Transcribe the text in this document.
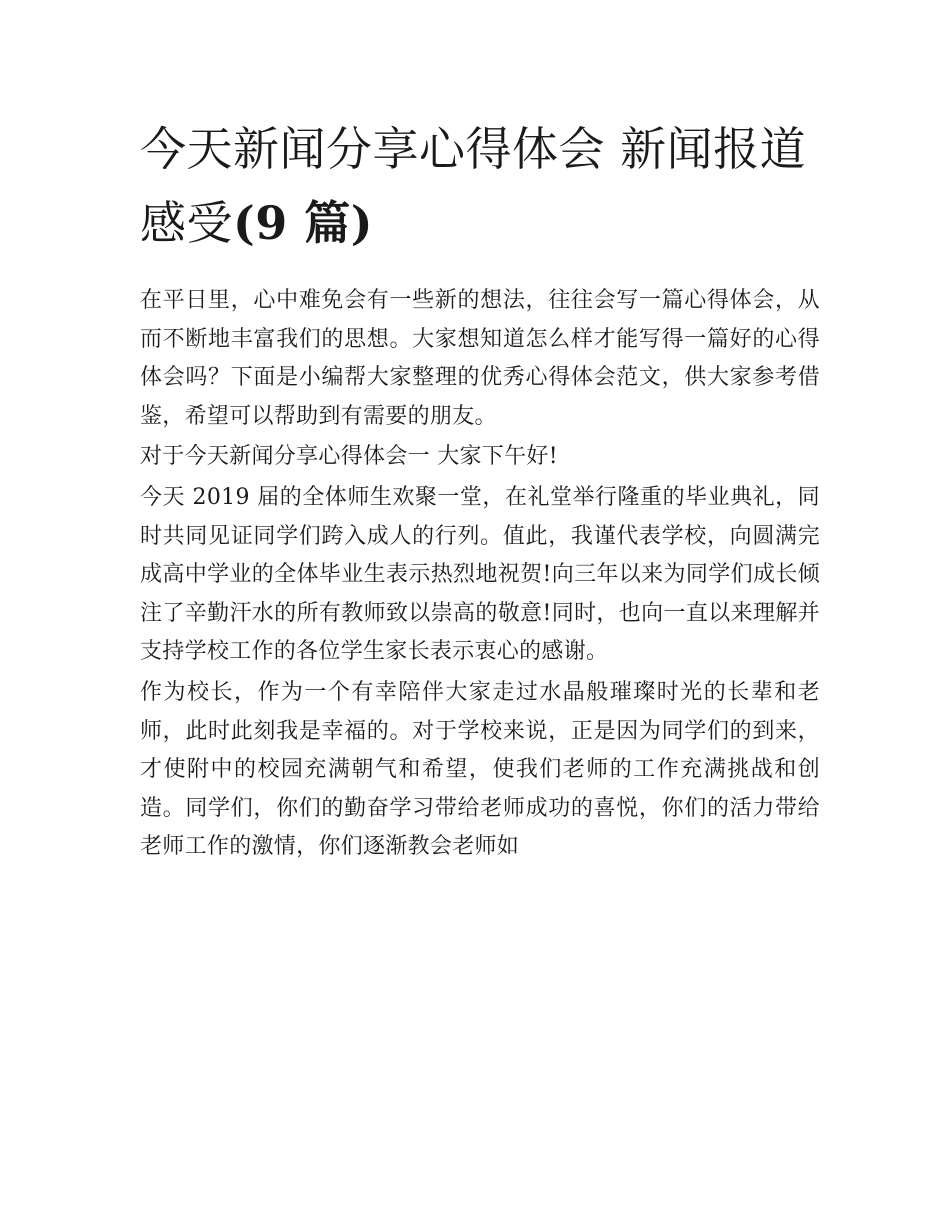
今天新闻分享心得体会 新闻报道感受(9 篇)

在平日里，心中难免会有一些新的想法，往往会写一篇心得体会，从而不断地丰富我们的思想。大家想知道怎么样才能写得一篇好的心得体会吗？下面是小编帮大家整理的优秀心得体会范文，供大家参考借鉴，希望可以帮助到有需要的朋友。

对于今天新闻分享心得体会一 大家下午好!

今天 2019 届的全体师生欢聚一堂，在礼堂举行隆重的毕业典礼，同时共同见证同学们跨入成人的行列。值此，我谨代表学校，向圆满完成高中学业的全体毕业生表示热烈地祝贺!向三年以来为同学们成长倾注了辛勤汗水的所有教师致以崇高的敬意!同时，也向一直以来理解并支持学校工作的各位学生家长表示衷心的感谢。

作为校长，作为一个有幸陪伴大家走过水晶般璀璨时光的长辈和老师，此时此刻我是幸福的。对于学校来说，正是因为同学们的到来，才使附中的校园充满朝气和希望，使我们老师的工作充满挑战和创造。同学们，你们的勤奋学习带给老师成功的喜悦，你们的活力带给老师工作的激情，你们逐渐教会老师如
